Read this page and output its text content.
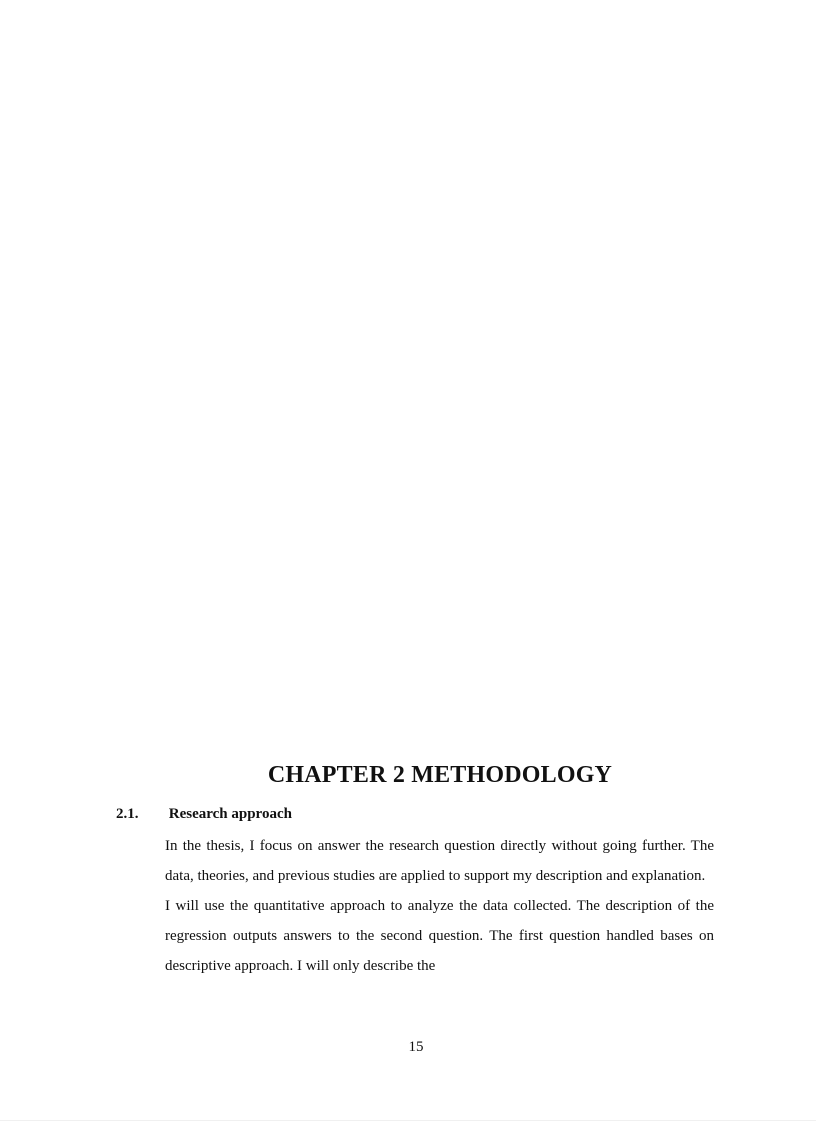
CHAPTER 2 METHODOLOGY
2.1. Research approach

In the thesis, I focus on answer the research question directly without going further. The data, theories, and previous studies are applied to support my description and explanation.

I will use the quantitative approach to analyze the data collected. The description of the regression outputs answers to the second question. The first question handled bases on descriptive approach. I will only describe the

15
